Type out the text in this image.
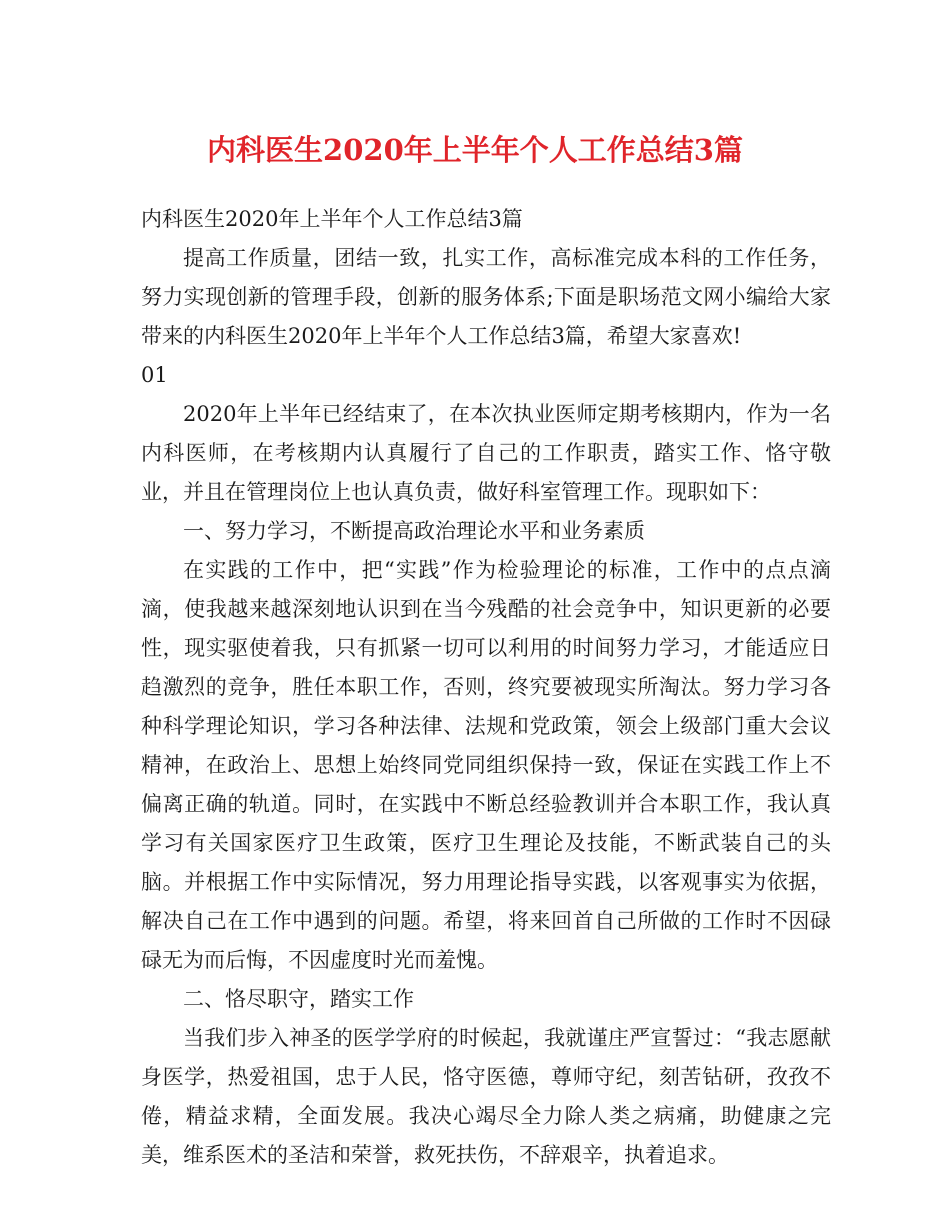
内科医生2020年上半年个人工作总结3篇

内科医生2020年上半年个人工作总结3篇

提高工作质量，团结一致，扎实工作，高标准完成本科的工作任务，努力实现创新的管理手段，创新的服务体系;下面是职场范文网小编给大家带来的内科医生2020年上半年个人工作总结3篇，希望大家喜欢!

01

2020年上半年已经结束了，在本次执业医师定期考核期内，作为一名内科医师，在考核期内认真履行了自己的工作职责，踏实工作、恪守敬业，并且在管理岗位上也认真负责，做好科室管理工作。现职如下：

一、努力学习，不断提高政治理论水平和业务素质

在实践的工作中，把“实践”作为检验理论的标准，工作中的点点滴滴，使我越来越深刻地认识到在当今残酷的社会竞争中，知识更新的必要性，现实驱使着我，只有抓紧一切可以利用的时间努力学习，才能适应日趋激烈的竞争，胜任本职工作，否则，终究要被现实所淘汰。努力学习各种科学理论知识，学习各种法律、法规和党政策，领会上级部门重大会议精神，在政治上、思想上始终同党同组织保持一致，保证在实践工作上不偏离正确的轨道。同时，在实践中不断总经验教训并合本职工作，我认真学习有关国家医疗卫生政策，医疗卫生理论及技能，不断武装自己的头脑。并根据工作中实际情况，努力用理论指导实践，以客观事实为依据，解决自己在工作中遇到的问题。希望，将来回首自己所做的工作时不因碌碌无为而后悔，不因虚度时光而羞愧。

二、恪尽职守，踏实工作

当我们步入神圣的医学学府的时候起，我就谨庄严宣誓过：“我志愿献身医学，热爱祖国，忠于人民，恪守医德，尊师守纪，刻苦钻研，孜孜不倦，精益求精，全面发展。我决心竭尽全力除人类之病痛，助健康之完美，维系医术的圣洁和荣誉，救死扶伤，不辞艰辛，执着追求。
